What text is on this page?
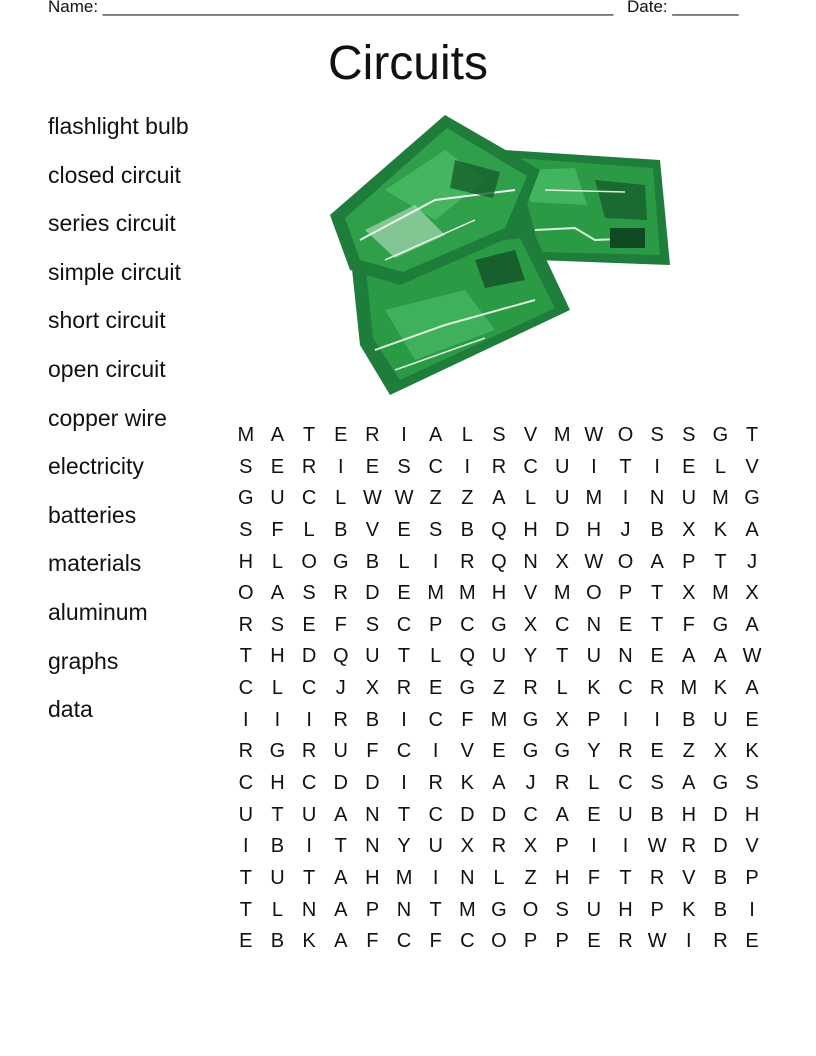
Name: ______________________________________________________ Date: _______
Circuits
flashlight bulb
closed circuit
series circuit
simple circuit
short circuit
open circuit
copper wire
electricity
batteries
materials
aluminum
graphs
data
M A T E R	I	A L S V M W O S S G T
S E R	I	E S C	I	R C U	I	T	I	E L V
G U C L W W Z Z A L U M	I	N U M G
S F L B V E S B Q H D H J B X K A
H L O G B L	I	R Q N X W O A P T	J
O A S R D E M M H V M O P T X M X
R S E F S C P C G X C N E T F G A
T H D Q U T L Q U Y T U N E A A W
C L C J X R E G Z R L K C R M K A
I	I	I	R B	I	C F M G X P	I	I	B U E
R G R U F C	I	V E G G Y R E Z X K
C H C D D	I	R K A J R L C S A G S
U T U A N T C D D C A E U B H D H
I	B	I	T N Y U X R X P	I	I W R D V
T U T A H M	I	N L Z H F T R V B P
T L N A P N T M G O S U H P K B	I
E B K A F C F C O P P E R W I	R E
